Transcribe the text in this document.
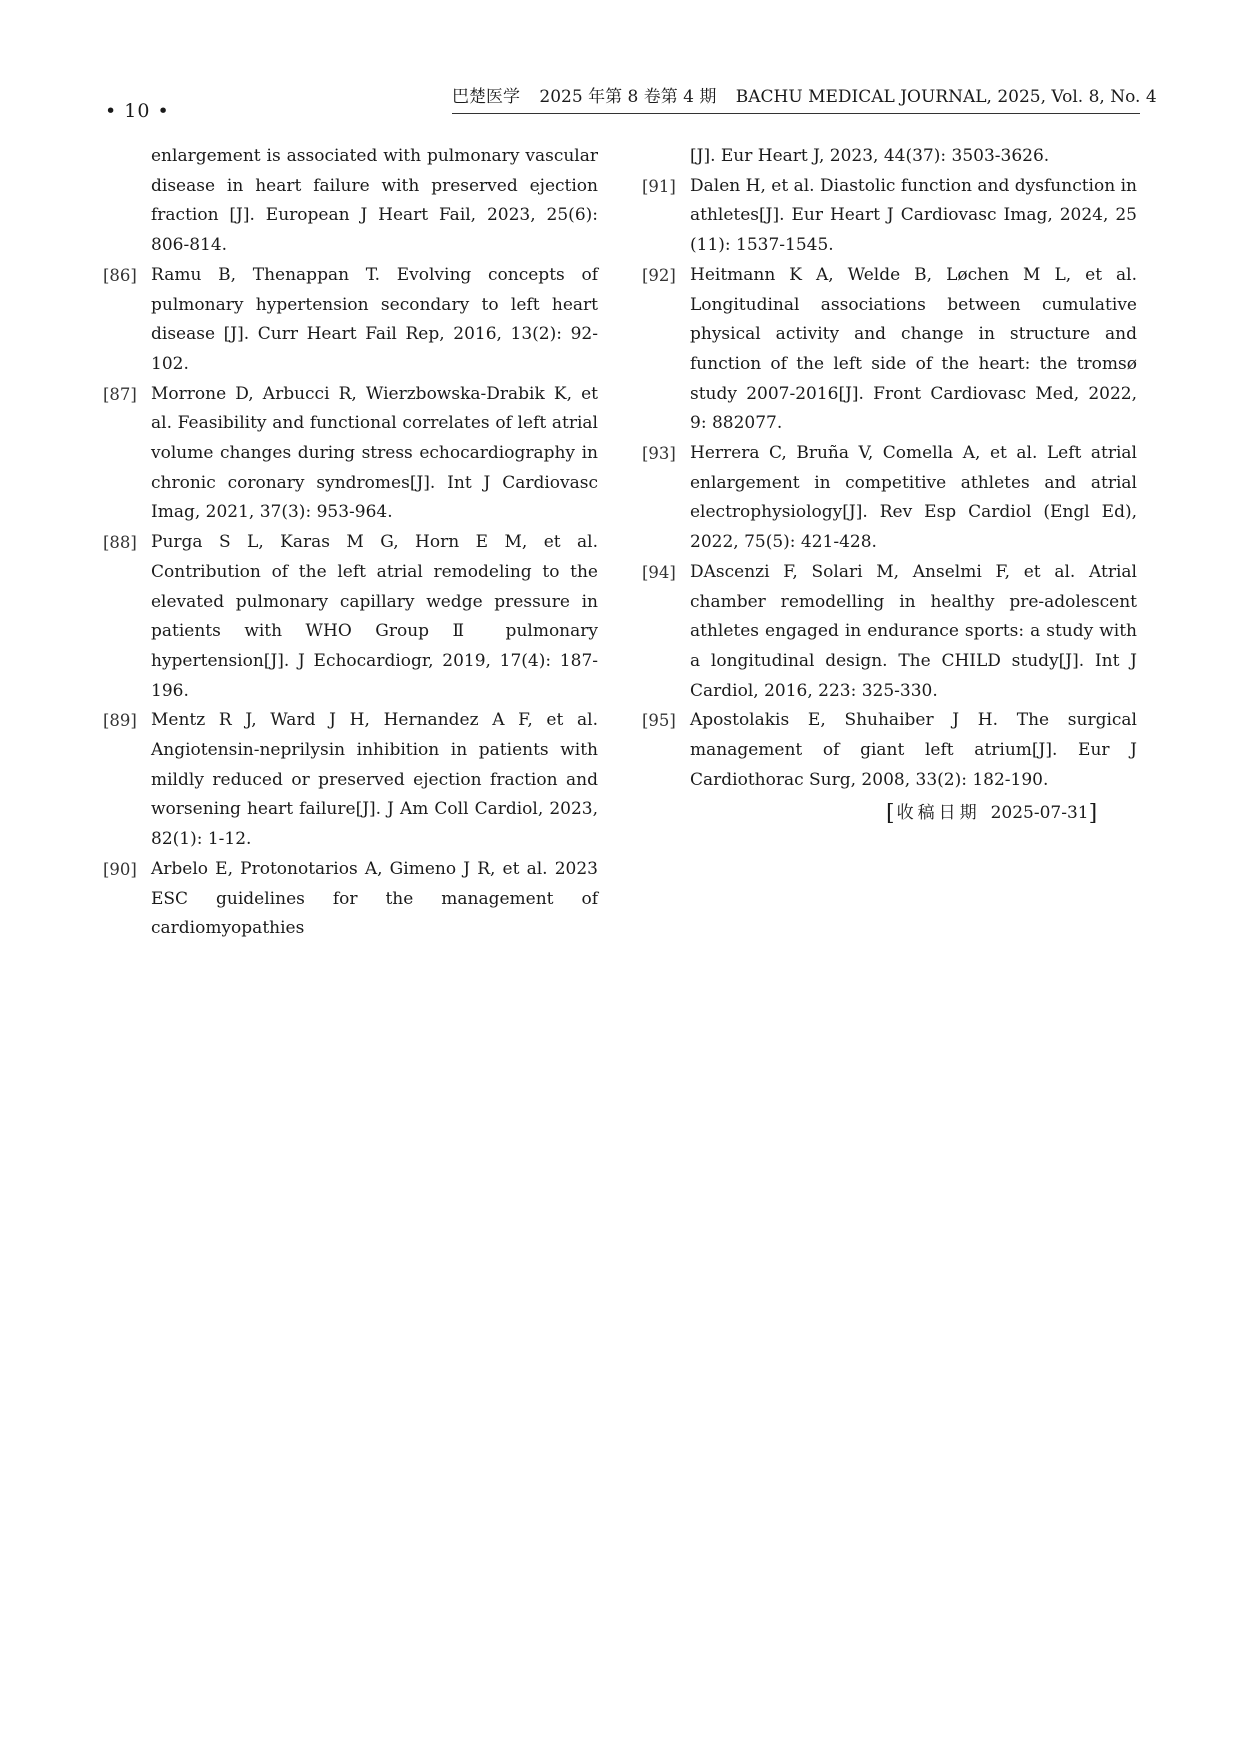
• 10 •
巴楚医学 2025 年第 8 卷第 4 期 BACHU MEDICAL JOURNAL, 2025, Vol. 8, No. 4

enlargement is associated with pulmonary vascular disease in heart failure with preserved ejection fraction [J]. European J Heart Fail, 2023, 25(6): 806-814.

[86] Ramu B, Thenappan T. Evolving concepts of pulmonary hypertension secondary to left heart disease [J]. Curr Heart Fail Rep, 2016, 13(2): 92-102.

[87] Morrone D, Arbucci R, Wierzbowska-Drabik K, et al. Feasibility and functional correlates of left atrial volume changes during stress echocardiography in chronic coronary syndromes[J]. Int J Cardiovasc Imag, 2021, 37(3): 953-964.

[88] Purga S L, Karas M G, Horn E M, et al. Contribution of the left atrial remodeling to the elevated pulmonary capillary wedge pressure in patients with WHO Group Ⅱ pulmonary hypertension[J]. J Echocardiogr, 2019, 17(4): 187-196.

[89] Mentz R J, Ward J H, Hernandez A F, et al. Angiotensin-neprilysin inhibition in patients with mildly reduced or preserved ejection fraction and worsening heart failure[J]. J Am Coll Cardiol, 2023, 82(1): 1-12.

[90] Arbelo E, Protonotarios A, Gimeno J R, et al. 2023 ESC guidelines for the management of cardiomyopathies

[J]. Eur Heart J, 2023, 44(37): 3503-3626.

[91] Dalen H, et al. Diastolic function and dysfunction in athletes[J]. Eur Heart J Cardiovasc Imag, 2024, 25 (11): 1537-1545.

[92] Heitmann K A, Welde B, Løchen M L, et al. Longitudinal associations between cumulative physical activity and change in structure and function of the left side of the heart: the tromsø study 2007-2016[J]. Front Cardiovasc Med, 2022, 9: 882077.

[93] Herrera C, Bruña V, Comella A, et al. Left atrial enlargement in competitive athletes and atrial electrophysiology[J]. Rev Esp Cardiol (Engl Ed), 2022, 75(5): 421-428.

[94] DAscenzi F, Solari M, Anselmi F, et al. Atrial chamber remodelling in healthy pre-adolescent athletes engaged in endurance sports: a study with a longitudinal design. The CHILD study[J]. Int J Cardiol, 2016, 223: 325-330.

[95] Apostolakis E, Shuhaiber J H. The surgical management of giant left atrium[J]. Eur J Cardiothorac Surg, 2008, 33(2): 182-190.

[ 收稿日期 2025-07-31]
